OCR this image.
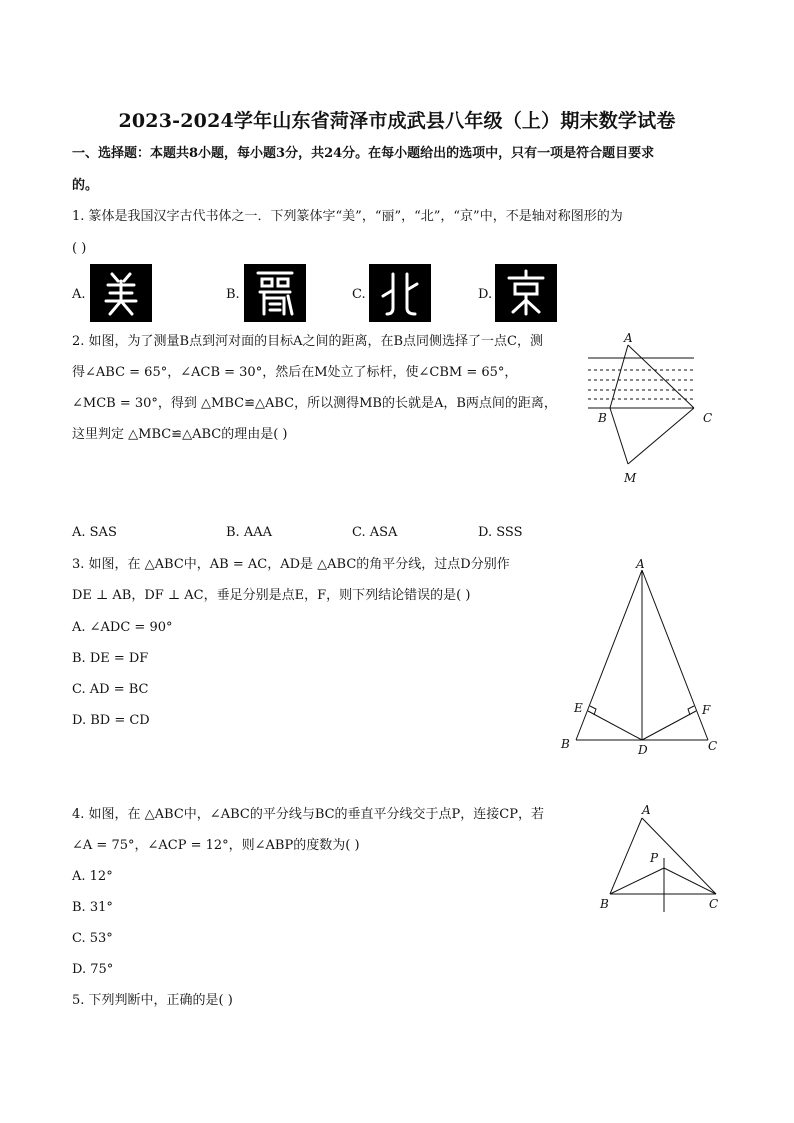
2023-2024学年山东省菏泽市成武县八年级（上）期末数学试卷
一、选择题：本题共8小题，每小题3分，共24分。在每小题给出的选项中，只有一项是符合题目要求
的。
1. 篆体是我国汉字古代书体之一．下列篆体字“美”，“丽”，“北”，“京”中，不是轴对称图形的为
( )
A.	B.	C.	D.
2. 如图，为了测量B点到河对面的目标A之间的距离，在B点同侧选择了一点C，测
得∠ABC = 65°，∠ACB = 30°，然后在M处立了标杆，使∠CBM = 65°，
∠MCB = 30°，得到 △MBC≌△ABC，所以测得MB的长就是A，B两点间的距离，
这里判定 △MBC≌△ABC的理由是( )
A
B	C
M
A. SAS	B. AAA	C. ASA	D. SSS
3. 如图，在 △ABC中，AB = AC，AD是 △ABC的角平分线，过点D分别作
DE ⊥ AB，DF ⊥ AC，垂足分别是点E，F，则下列结论错误的是( )
A. ∠ADC = 90°
B. DE = DF
C. AD = BC
D. BD = CD
A
B	C
D
E	F
4. 如图，在 △ABC中，∠ABC的平分线与BC的垂直平分线交于点P，连接CP，若
∠A = 75°，∠ACP = 12°，则∠ABP的度数为( )
A. 12°
B. 31°
C. 53°
D. 75°
A
B	C
P
5. 下列判断中，正确的是( )
